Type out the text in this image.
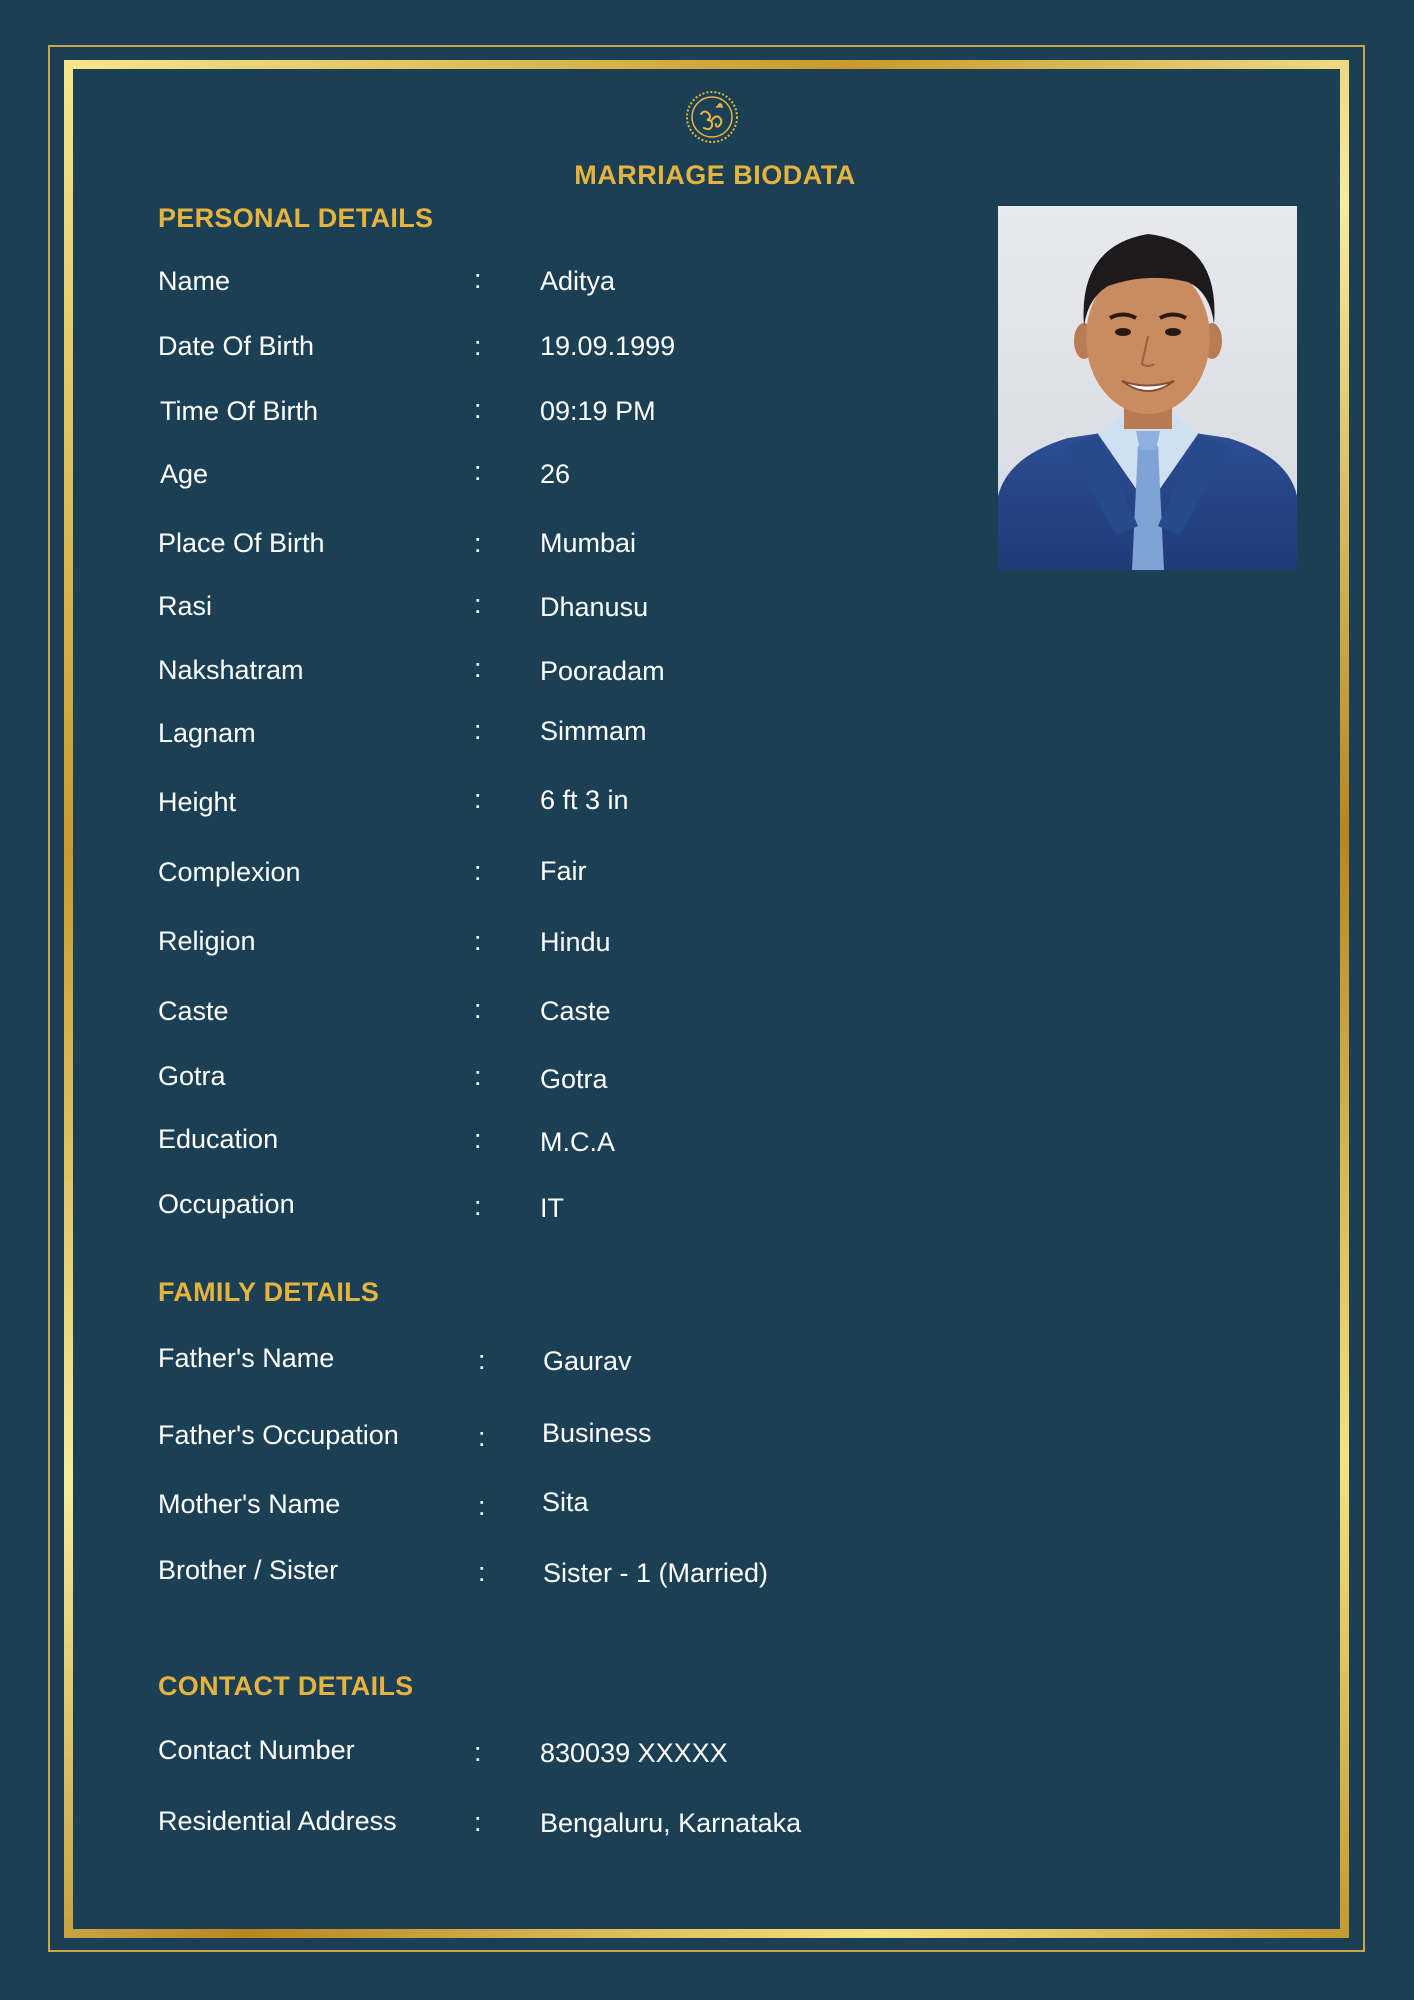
MARRIAGE BIODATA
PERSONAL DETAILS
Name	: Aditya
Date Of Birth	: 19.09.1999
Time Of Birth	: 09:19 PM
Age	: 26
Place Of Birth	: Mumbai
Rasi	: Dhanusu
Nakshatram	: Pooradam
Lagnam	: Simmam
Height	: 6 ft 3 in
Complexion	: Fair
Religion	: Hindu
Caste	: Caste
Gotra	: Gotra
Education	: M.C.A
Occupation	: IT
FAMILY DETAILS
Father's Name	: Gaurav
Father's Occupation	: Business
Mother's Name	: Sita
Brother / Sister	: Sister - 1 (Married)
CONTACT DETAILS
Contact Number	: 830039 XXXXX
Residential Address	: Bengaluru, Karnataka
